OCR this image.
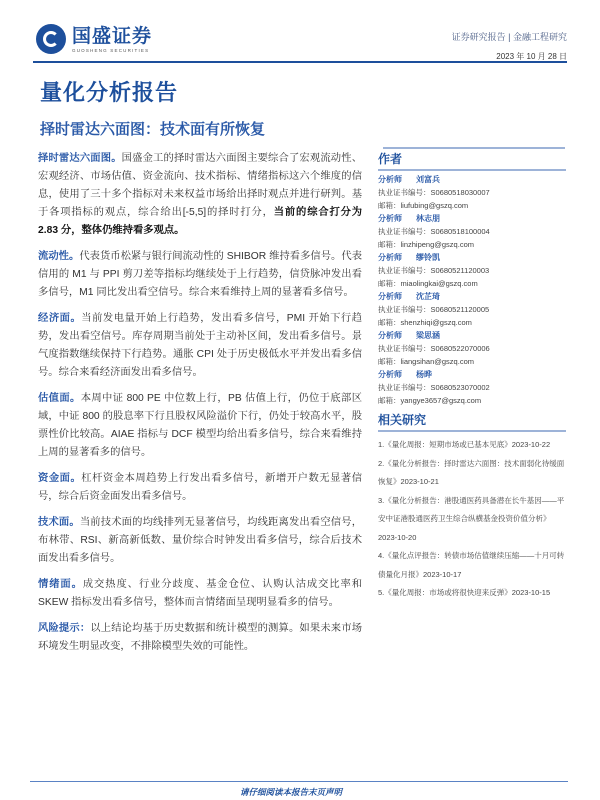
国盛证券
GUOSHENG SECURITIES
证券研究报告 | 金融工程研究
2023 年 10 月 28 日
量化分析报告
择时雷达六面图：技术面有所恢复

择时雷达六面图。国盛金工的择时雷达六面图主要综合了宏观流动性、宏观经济、市场估值、资金流向、技术指标、情绪指标这六个维度的信息，使用了三十多个指标对未来权益市场给出择时观点并进行研判。基于各项指标的观点，综合给出[-5,5]的择时打分，当前的综合打分为 2.83 分，整体仍维持看多观点。

流动性。代表货币松紧与银行间流动性的 SHIBOR 维持看多信号。代表信用的 M1 与 PPI 剪刀差等指标均继续处于上行趋势，信贷脉冲发出看多信号，M1 同比发出看空信号。综合来看维持上周的显著看多信号。

经济面。当前发电量开始上行趋势，发出看多信号，PMI 开始下行趋势，发出看空信号。库存周期当前处于主动补区间，发出看多信号。景气度指数继续保持下行趋势。通胀 CPI 处于历史极低水平并发出看多信号。综合来看经济面发出看多信号。

估值面。本周中证 800 PE 中位数上行，PB 估值上行，仍位于底部区域，中证 800 的股息率下行且股权风险溢价下行，仍处于较高水平，股票性价比较高。AIAE 指标与 DCF 模型均给出看多信号，综合来看维持上周的显著看多的信号。

资金面。杠杆资金本周趋势上行发出看多信号，新增开户数无显著信号，综合后资金面发出看多信号。

技术面。当前技术面的均线排列无显著信号，均线距离发出看空信号，布林带、RSI、新高新低数、量价综合时钟发出看多信号，综合后技术面发出看多信号。

情绪面。成交热度、行业分歧度、基金仓位、认购认沽成交比率和 SKEW 指标发出看多信号，整体而言情绪面呈现明显看多的信号。

风险提示：以上结论均基于历史数据和统计模型的测算。如果未来市场环境发生明显改变，不排除模型失效的可能性。

作者
分析师 刘富兵
执业证书编号：S0680518030007
邮箱：liufubing@gszq.com
分析师 林志朋
执业证书编号：S0680518100004
邮箱：linzhipeng@gszq.com
分析师 缪铃凯
执业证书编号：S0680521120003
邮箱：miaolingkai@gszq.com
分析师 沈芷琦
执业证书编号：S0680521120005
邮箱：shenzhiqi@gszq.com
分析师 梁思涵
执业证书编号：S0680522070006
邮箱：liangsihan@gszq.com
分析师 杨晔
执业证书编号：S0680523070002
邮箱：yangye3657@gszq.com
相关研究
1.《量化周报：短期市场或已基本见底》2023-10-22
2.《量化分析报告：择时雷达六面图：技术面弱化待缓面恢复》2023-10-21
3.《量化分析报告：港股通医药具备潜在长牛基因——平安中证港股通医药卫生综合纵横基金投资价值分析》2023-10-20
4.《量化点评报告：转债市场估值继续压缩——十月可转债量化月报》2023-10-17
5.《量化周报：市场或将很快迎来反弹》2023-10-15
请仔细阅读本报告末页声明
